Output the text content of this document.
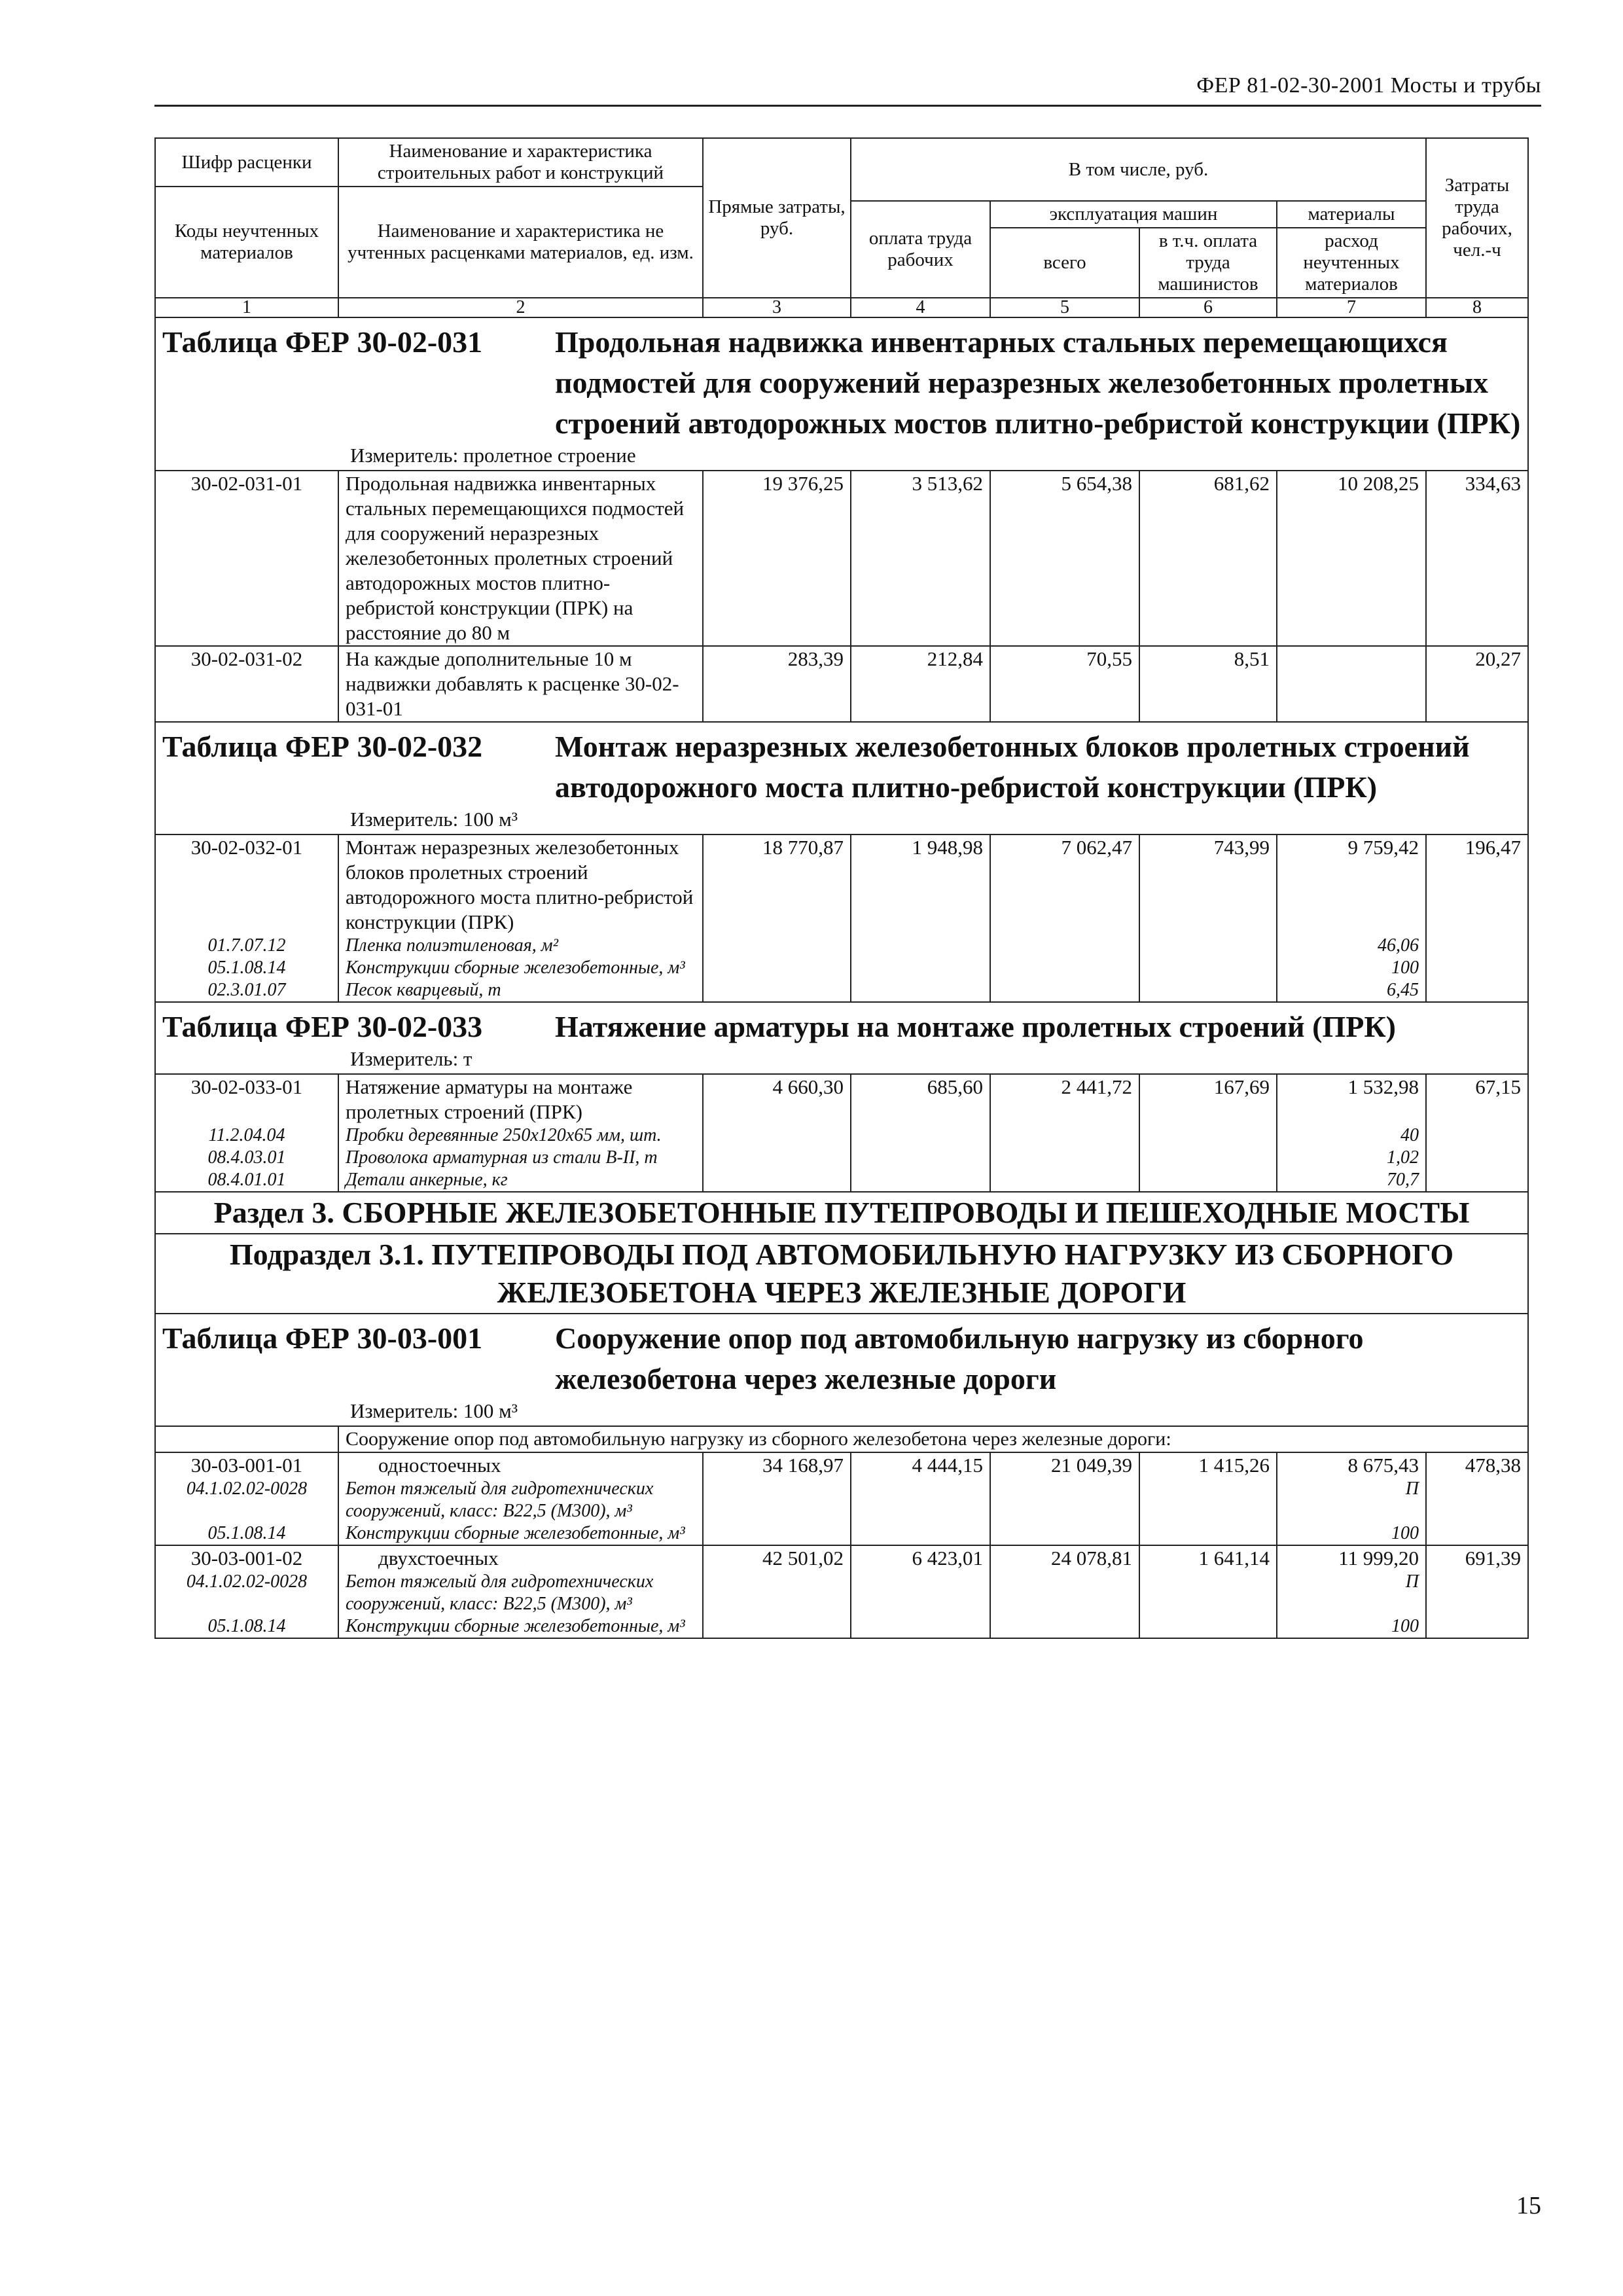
ФЕР 81-02-30-2001 Мосты и трубы
Шифр расценки	Наименование и характеристика строительных работ и конструкций	Прямые затраты, руб.	В том числе, руб.				Затраты труда рабочих, чел.-ч
Коды неучтенных материалов	Наименование и характеристика не учтенных расценками материалов, ед. изм.						
			оплата труда рабочих	эксплуатация машин		материалы	
				всего	в т.ч. оплата труда машинистов	расход неучтенных материалов	
1	2	3	4	5	6	7	8

Таблица ФЕР 30-02-031 Продольная надвижка инвентарных стальных перемещающихся подмостей для сооружений неразрезных железобетонных пролетных строений автодорожных мостов плитно-ребристой конструкции (ПРК)
Измеритель: пролетное строение							

30-02-031-01	Продольная надвижка инвентарных стальных перемещающихся подмостей для сооружений неразрезных железобетонных пролетных строений автодорожных мостов плитно-ребристой конструкции (ПРК) на расстояние до 80 м	19 376,25	3 513,62	5 654,38	681,62	10 208,25	334,63
30-02-031-02	На каждые дополнительные 10 м надвижки добавлять к расценке 30-02-031-01	283,39	212,84	70,55	8,51		20,27

Таблица ФЕР 30-02-032 Монтаж неразрезных железобетонных блоков пролетных строений автодорожного моста плитно-ребристой конструкции (ПРК)
Измеритель: 100 м³							

30-02-032-01	Монтаж неразрезных железобетонных блоков пролетных строений автодорожного моста плитно-ребристой конструкции (ПРК)	18 770,87	1 948,98	7 062,47	743,99	9 759,42	196,47
01.7.07.12	Пленка полиэтиленовая, м²					46,06	
05.1.08.14	Конструкции сборные железобетонные, м³					100	
02.3.01.07	Песок кварцевый, т					6,45	

Таблица ФЕР 30-02-033 Натяжение арматуры на монтаже пролетных строений (ПРК)
Измеритель: т							

30-02-033-01	Натяжение арматуры на монтаже пролетных строений (ПРК)	4 660,30	685,60	2 441,72	167,69	1 532,98	67,15
11.2.04.04	Пробки деревянные 250х120х65 мм, шт.					40	
08.4.03.01	Проволока арматурная из стали В-II, т					1,02	
08.4.01.01	Детали анкерные, кг					70,7	
Раздел 3. СБОРНЫЕ ЖЕЛЕЗОБЕТОННЫЕ ПУТЕПРОВОДЫ И ПЕШЕХОДНЫЕ МОСТЫ							
Подраздел 3.1. ПУТЕПРОВОДЫ ПОД АВТОМОБИЛЬНУЮ НАГРУЗКУ ИЗ СБОРНОГО ЖЕЛЕЗОБЕТОНА ЧЕРЕЗ ЖЕЛЕЗНЫЕ ДОРОГИ							

Таблица ФЕР 30-03-001 Сооружение опор под автомобильную нагрузку из сборного железобетона через железные дороги
Измеритель: 100 м³							

	Сооружение опор под автомобильную нагрузку из сборного железобетона через железные дороги:						
30-03-001-01	одностоечных	34 168,97	4 444,15	21 049,39	1 415,26	8 675,43	478,38
04.1.02.02-0028	Бетон тяжелый для гидротехнических сооружений, класс: В22,5 (М300), м³					П	
05.1.08.14	Конструкции сборные железобетонные, м³					100	
30-03-001-02	двухстоечных	42 501,02	6 423,01	24 078,81	1 641,14	11 999,20	691,39
04.1.02.02-0028	Бетон тяжелый для гидротехнических сооружений, класс: В22,5 (М300), м³					П	
05.1.08.14	Конструкции сборные железобетонные, м³					100	
15
